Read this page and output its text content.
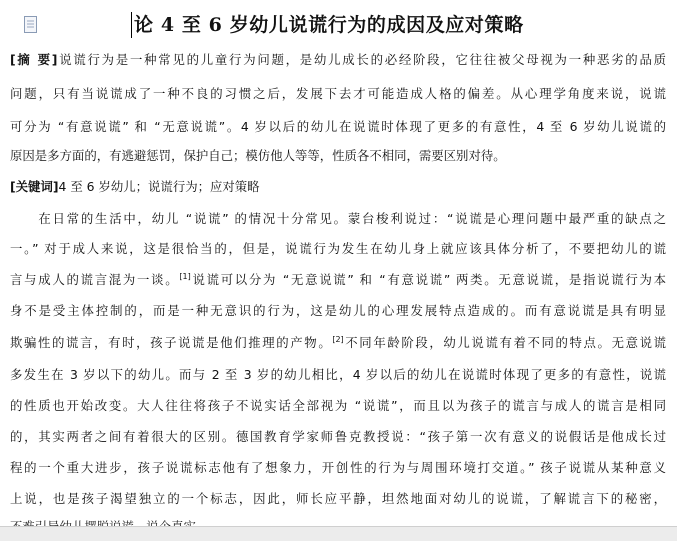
论 4 至 6 岁幼儿说谎行为的成因及应对策略
[摘 要]说谎行为是一种常见的儿童行为问题，是幼儿成长的必经阶段，它往往被父母视为一种恶劣的品质
问题，只有当说谎成了一种不良的习惯之后，发展下去才可能造成人格的偏差。从心理学角度来说，说谎
可分为 “有意说谎” 和 “无意说谎”。4 岁以后的幼儿在说谎时体现了更多的有意性，4 至 6 岁幼儿说谎的
原因是多方面的，有逃避惩罚，保护自己；模仿他人等等，性质各不相同，需要区别对待。
[关键词]4 至 6 岁幼儿；说谎行为；应对策略
　　在日常的生活中，幼儿 “说谎” 的情况十分常见。蒙台梭利说过：“说谎是心理问题中最严重的缺点之
一。” 对于成人来说，这是很恰当的，但是，说谎行为发生在幼儿身上就应该具体分析了，不要把幼儿的谎
言与成人的谎言混为一谈。[1]说谎可以分为 “无意说谎” 和 “有意说谎” 两类。无意说谎，是指说谎行为本
身不是受主体控制的，而是一种无意识的行为，这是幼儿的心理发展特点造成的。而有意说谎是具有明显
欺骗性的谎言，有时，孩子说谎是他们推理的产物。[2]不同年龄阶段，幼儿说谎有着不同的特点。无意说谎
多发生在 3 岁以下的幼儿。而与 2 至 3 岁的幼儿相比，4 岁以后的幼儿在说谎时体现了更多的有意性，说谎
的性质也开始改变。大人往往将孩子不说实话全部视为 “说谎”，而且以为孩子的谎言与成人的谎言是相同
的，其实两者之间有着很大的区别。德国教育学家师鲁克教授说：“孩子第一次有意义的说假话是他成长过
程的一个重大进步，孩子说谎标志他有了想象力，开创性的行为与周围环境打交道。” 孩子说谎从某种意义
上说，也是孩子渴望独立的一个标志，因此，师长应平静，坦然地面对幼儿的说谎，了解谎言下的秘密，
